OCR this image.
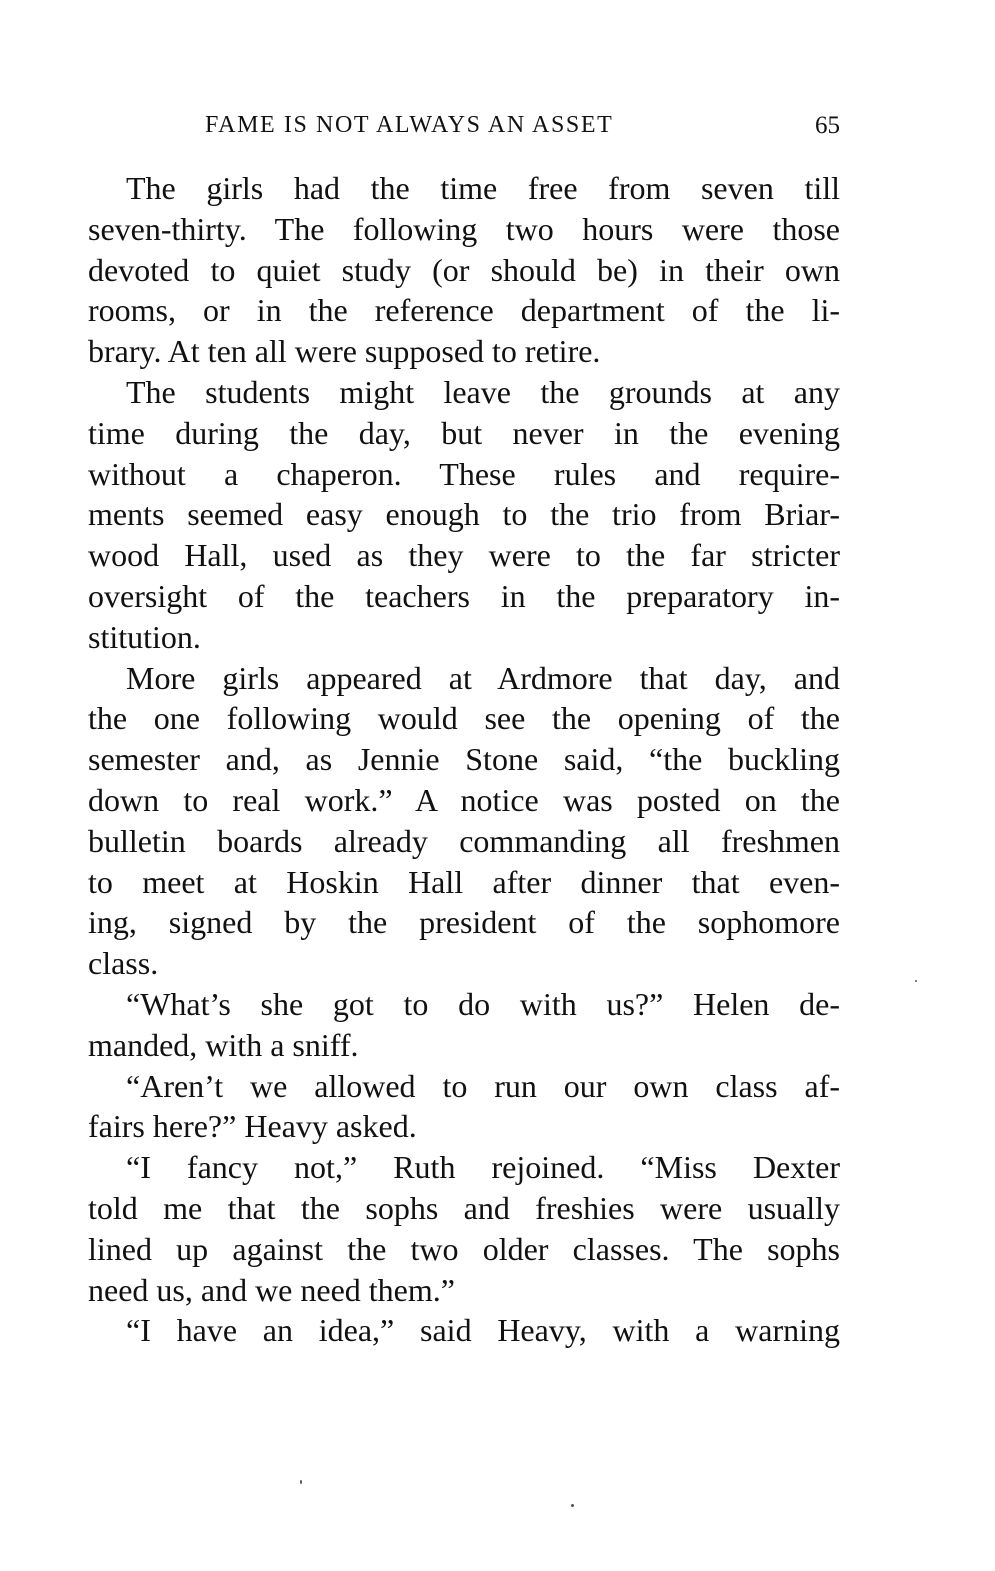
FAME IS NOT ALWAYS AN ASSET	65
The girls had the time free from seven till
seven-thirty. The following two hours were those
devoted to quiet study (or should be) in their own
rooms, or in the reference department of the li-
brary. At ten all were supposed to retire.
The students might leave the grounds at any
time during the day, but never in the evening
without a chaperon. These rules and require-
ments seemed easy enough to the trio from Briar-
wood Hall, used as they were to the far stricter
oversight of the teachers in the preparatory in-
stitution.
More girls appeared at Ardmore that day, and
the one following would see the opening of the
semester and, as Jennie Stone said, “the buckling
down to real work.” A notice was posted on the
bulletin boards already commanding all freshmen
to meet at Hoskin Hall after dinner that even-
ing, signed by the president of the sophomore
class.
“What’s she got to do with us?” Helen de-
manded, with a sniff.
“Aren’t we allowed to run our own class af-
fairs here?” Heavy asked.
“I fancy not,” Ruth rejoined. “Miss Dexter
told me that the sophs and freshies were usually
lined up against the two older classes. The sophs
need us, and we need them.”
“I have an idea,” said Heavy, with a warning
